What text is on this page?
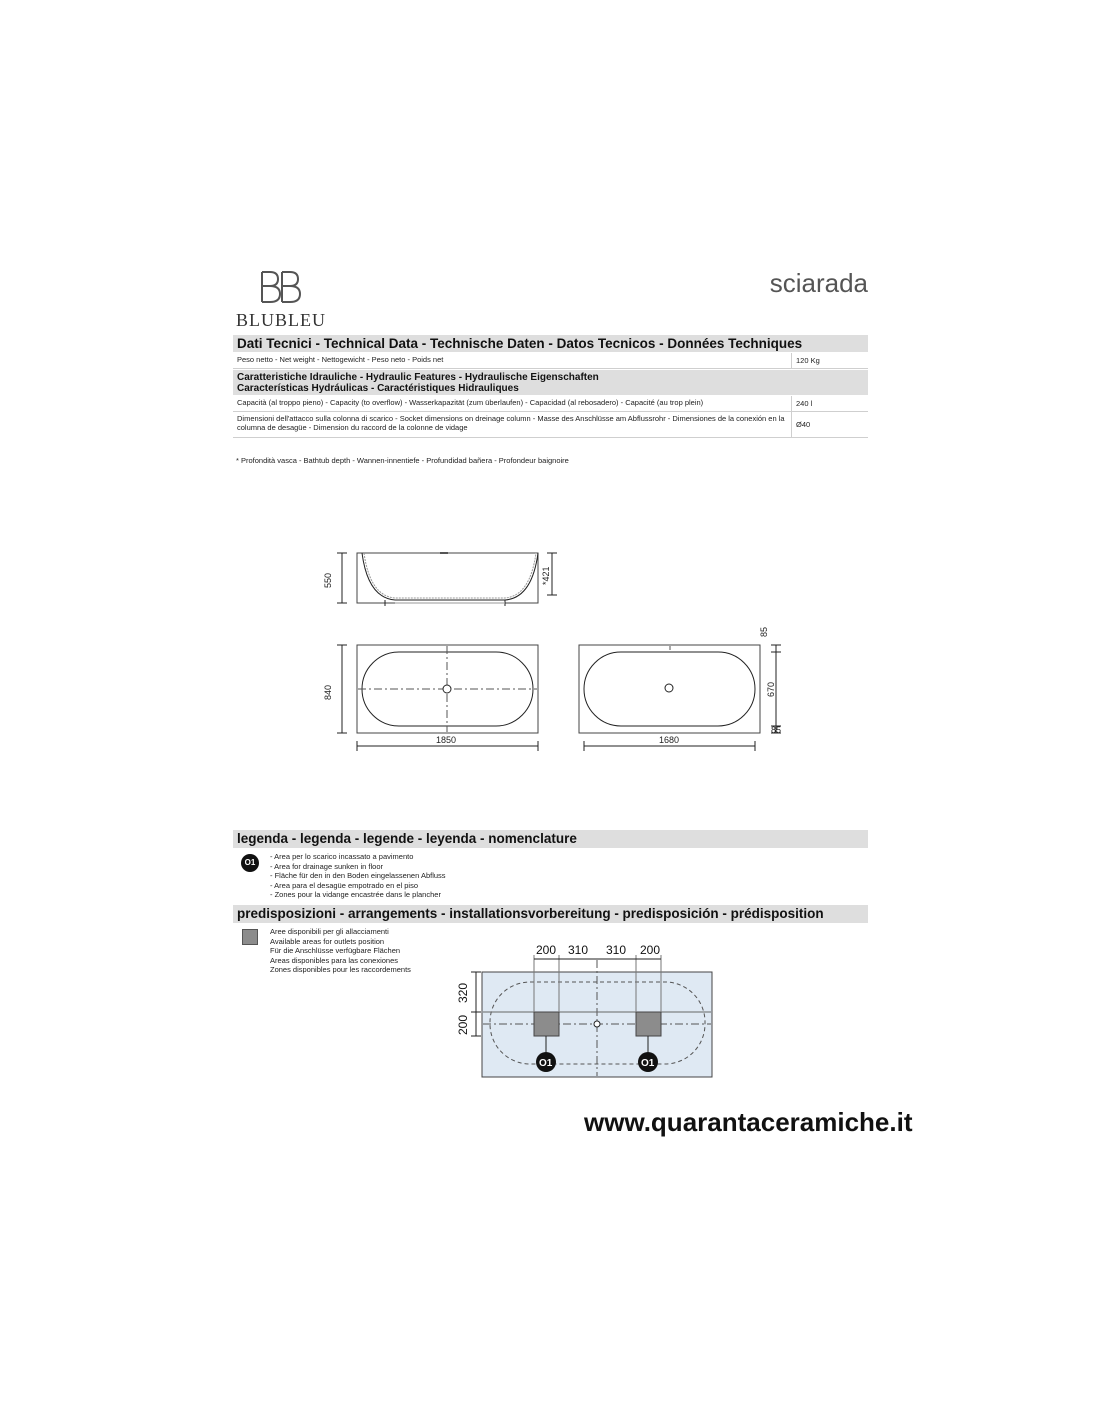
BLUBLEU
sciarada
Dati Tecnici - Technical Data - Technische Daten - Datos Tecnicos - Données Techniques
Peso netto - Net weight - Nettogewicht - Peso neto - Poids net	120 Kg
Caratteristiche Idrauliche - Hydraulic Features - Hydraulische Eigenschaften
Características Hydráulicas - Caractéristiques Hidrauliques
Capacità (al troppo pieno) - Capacity (to overflow) - Wasserkapazität (zum überlaufen) - Capacidad (al rebosadero) - Capacité (au trop plein)	240 l
Dimensioni dell'attacco sulla colonna di scarico - Socket dimensions on dreinage column - Masse des Anschlüsse am Abflussrohr - Dimensiones de la conexión en la columna de desagüe - Dimension du raccord de la colonne de vidage	Ø40
* Profondità vasca - Bathtub depth - Wannen-innentiefe - Profundidad bañera - Profondeur baignoire
550	*421
840
1850
85
670
85
1680
200 310 310 200
320
200
O1	O1
legenda - legenda - legende - leyenda - nomenclature
O1
- Area per lo scarico incassato a pavimento
- Area for drainage sunken in floor
- Fläche für den in den Boden eingelassenen Abfluss
- Area para el desagüe empotrado en el piso
- Zones pour la vidange encastrée dans le plancher
predisposizioni - arrangements - installationsvorbereitung - predisposición - prédisposition
Aree disponibili per gli allacciamenti
Available areas for outlets position
Für die Anschlüsse verfügbare Flächen
Areas disponibles para las conexiones
Zones disponibles pour les raccordements
www.quarantaceramiche.it
